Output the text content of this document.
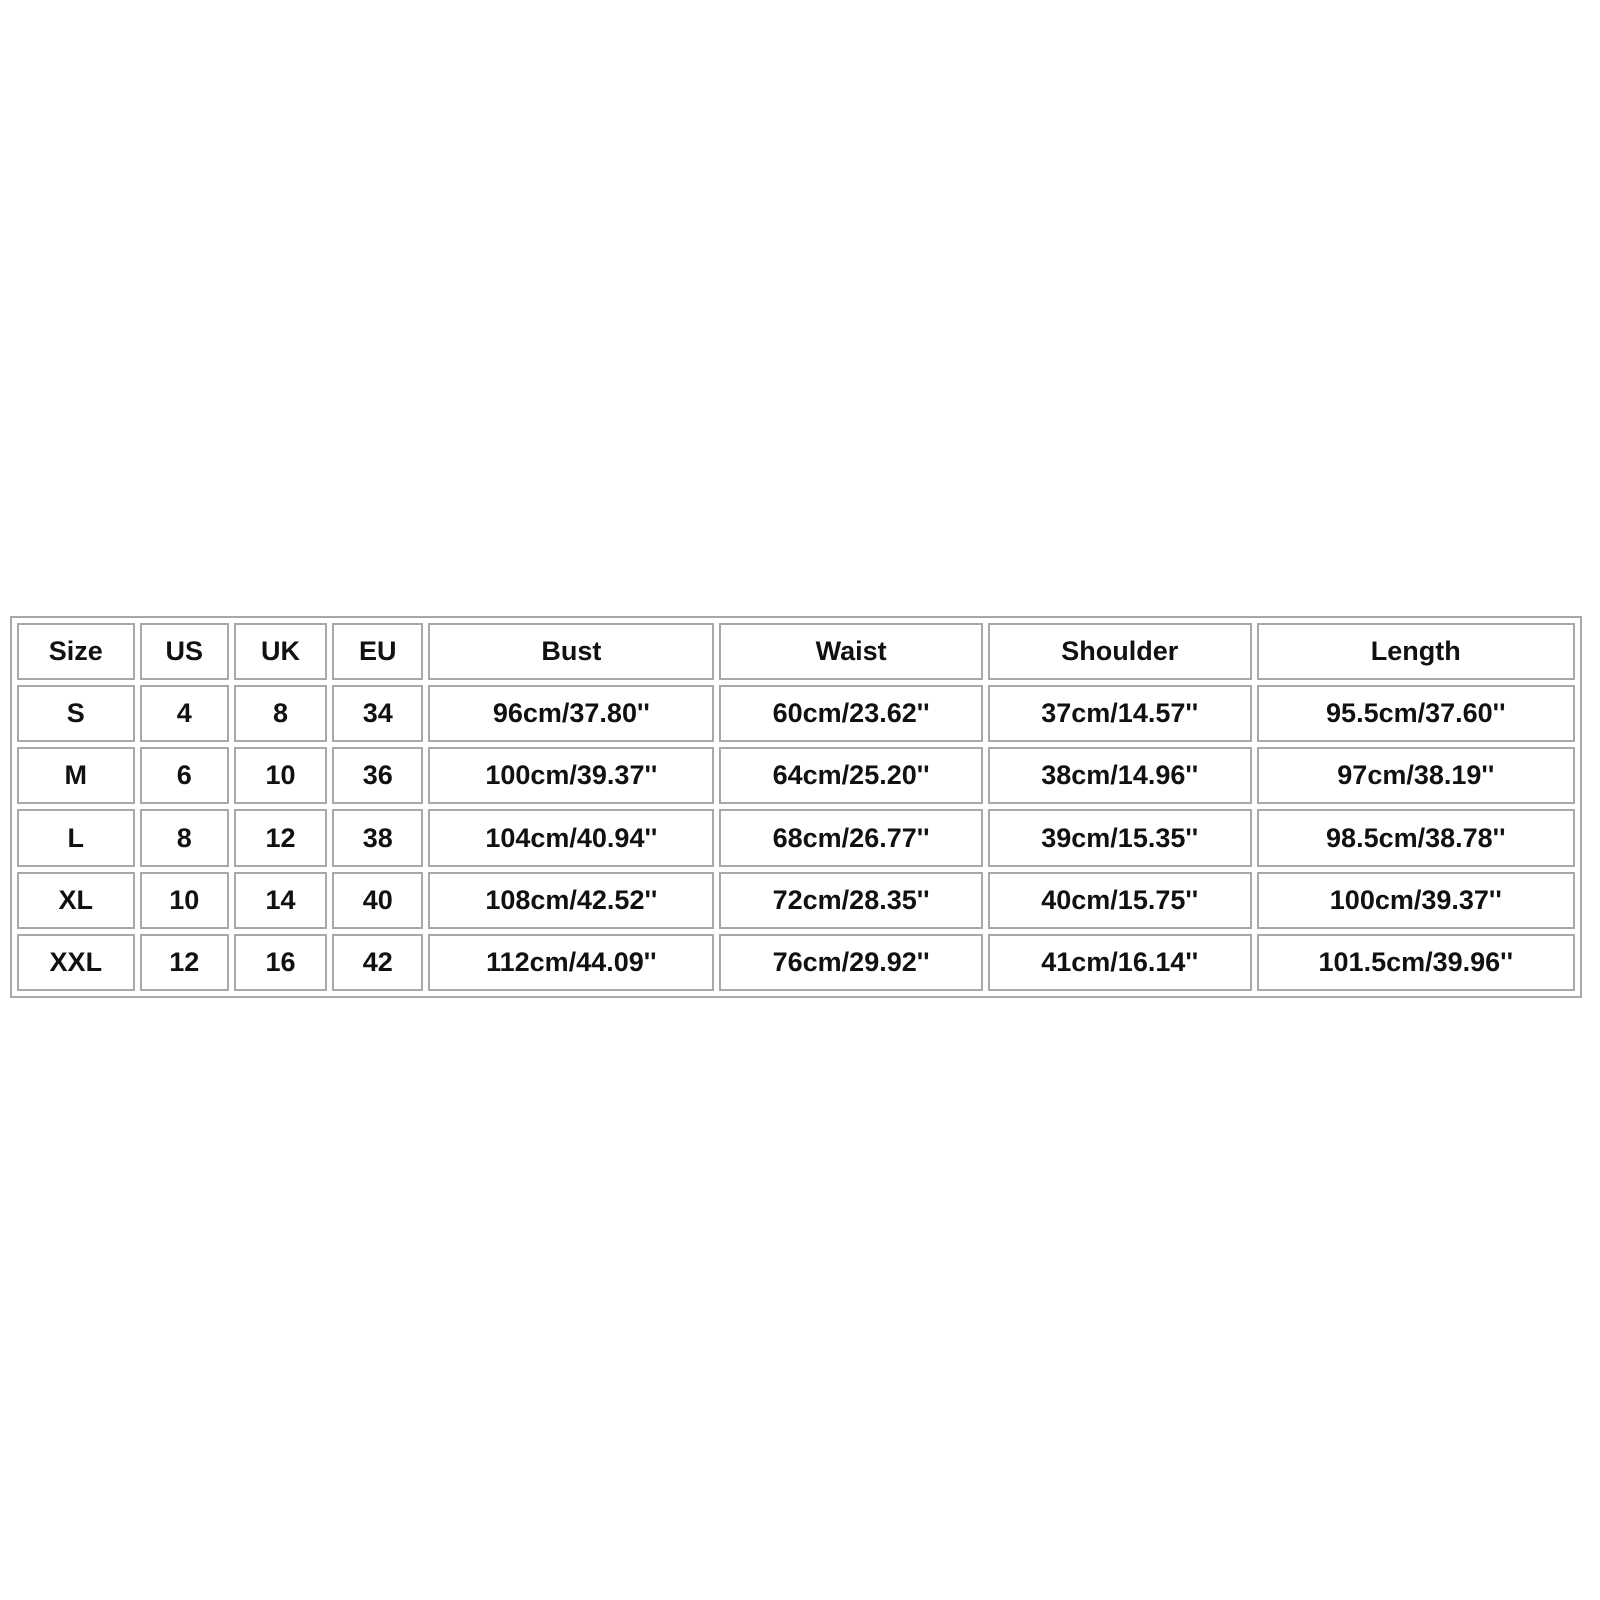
Size	US	UK	EU	Bust	Waist	Shoulder	Length
S	4	8	34	96cm/37.80''	60cm/23.62''	37cm/14.57''	95.5cm/37.60''
M	6	10	36	100cm/39.37''	64cm/25.20''	38cm/14.96''	97cm/38.19''
L	8	12	38	104cm/40.94''	68cm/26.77''	39cm/15.35''	98.5cm/38.78''
XL	10	14	40	108cm/42.52''	72cm/28.35''	40cm/15.75''	100cm/39.37''
XXL	12	16	42	112cm/44.09''	76cm/29.92''	41cm/16.14''	101.5cm/39.96''
